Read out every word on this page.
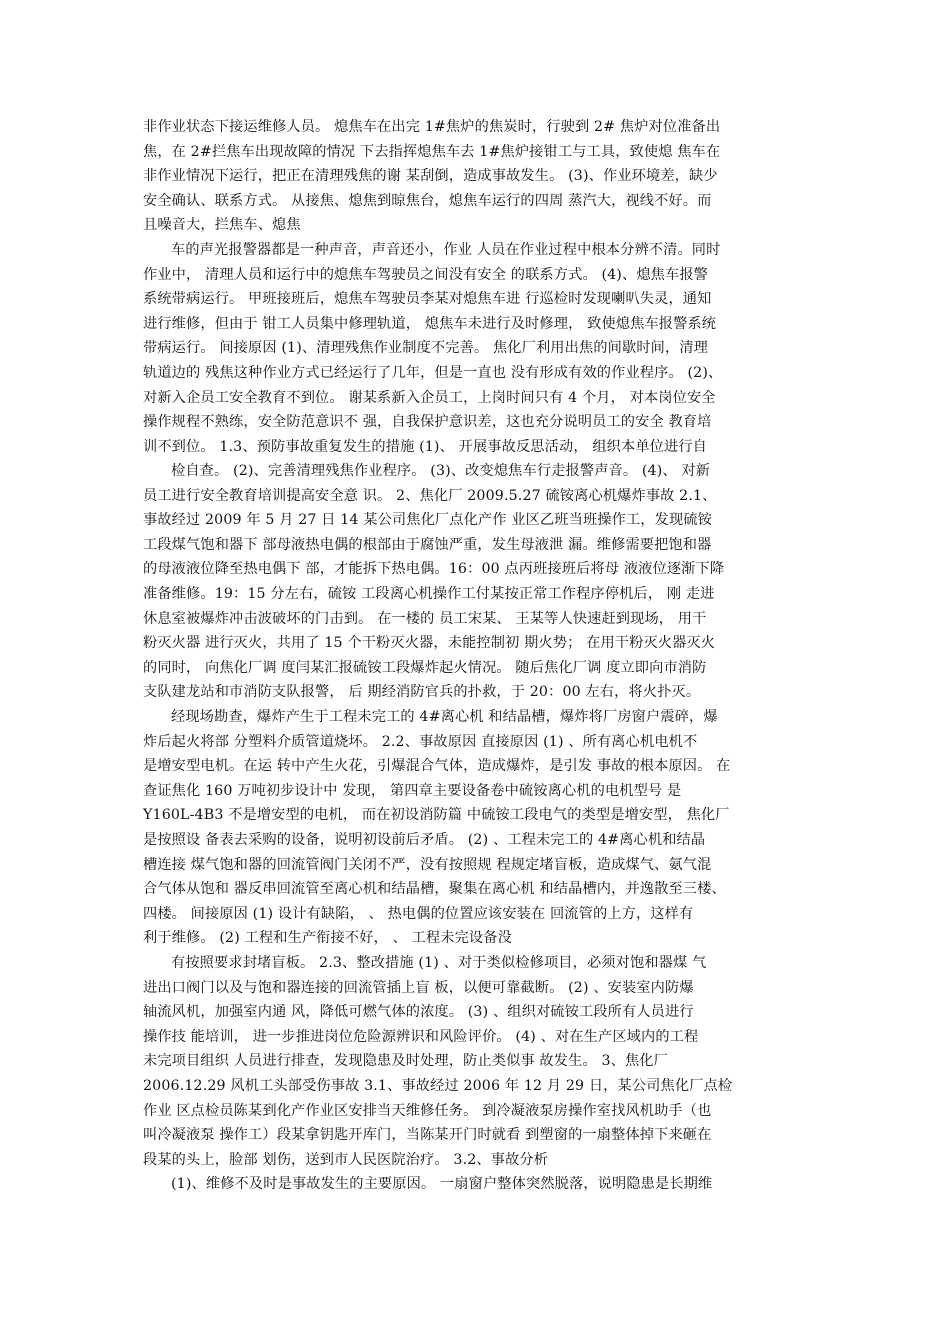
非作业状态下接运维修人员。 熄焦车在出完 1#焦炉的焦炭时，行驶到 2# 焦炉对位准备出
焦，在 2#拦焦车出现故障的情况 下去指挥熄焦车去 1#焦炉接钳工与工具，致使熄 焦车在
非作业情况下运行，把正在清理残焦的谢 某刮倒，造成事故发生。 (3)、作业环境差，缺少
安全确认、联系方式。 从接焦、熄焦到晾焦台，熄焦车运行的四周 蒸汽大，视线不好。而
且噪音大，拦焦车、熄焦
车的声光报警器都是一种声音，声音还小，作业 人员在作业过程中根本分辨不清。同时
作业中， 清理人员和运行中的熄焦车驾驶员之间没有安全 的联系方式。 (4)、熄焦车报警
系统带病运行。 甲班接班后，熄焦车驾驶员李某对熄焦车进 行巡检时发现喇叭失灵，通知
进行维修，但由于 钳工人员集中修理轨道， 熄焦车未进行及时修理， 致使熄焦车报警系统
带病运行。 间接原因 (1)、清理残焦作业制度不完善。 焦化厂利用出焦的间歇时间，清理
轨道边的 残焦这种作业方式已经运行了几年，但是一直也 没有形成有效的作业程序。 (2)、
对新入企员工安全教育不到位。 谢某系新入企员工，上岗时间只有 4 个月， 对本岗位安全
操作规程不熟练，安全防范意识不 强，自我保护意识差，这也充分说明员工的安全 教育培
训不到位。 1.3、预防事故重复发生的措施 (1)、 开展事故反思活动， 组织本单位进行自
检自查。 (2)、完善清理残焦作业程序。 (3)、改变熄焦车行走报警声音。 (4)、 对新
员工进行安全教育培训提高安全意 识。 2、焦化厂 2009.5.27 硫铵离心机爆炸事故 2.1、
事故经过 2009 年 5 月 27 日 14 某公司焦化厂点化产作 业区乙班当班操作工，发现硫铵
工段煤气饱和器下 部母液热电偶的根部由于腐蚀严重，发生母液泄 漏。维修需要把饱和器
的母液液位降至热电偶下 部，才能拆下热电偶。16：00 点丙班接班后将母 液液位逐渐下降
准备维修。19：15 分左右，硫铵 工段离心机操作工付某按正常工作程序停机后， 刚 走进
休息室被爆炸冲击波破坏的门击到。 在一楼的 员工宋某、 王某等人快速赶到现场， 用干
粉灭火器 进行灭火，共用了 15 个干粉灭火器，未能控制初 期火势； 在用干粉灭火器灭火
的同时， 向焦化厂调 度闫某汇报硫铵工段爆炸起火情况。 随后焦化厂调 度立即向市消防
支队建龙站和市消防支队报警， 后 期经消防官兵的扑救，于 20：00 左右，将火扑灭。
经现场勘查，爆炸产生于工程未完工的 4#离心机 和结晶槽，爆炸将厂房窗户震碎，爆
炸后起火将部 分塑料介质管道烧坏。 2.2、事故原因 直接原因 (1) 、所有离心机电机不
是增安型电机。在运 转中产生火花，引爆混合气体，造成爆炸，是引发 事故的根本原因。 在
查证焦化 160 万吨初步设计中 发现， 第四章主要设备卷中硫铵离心机的电机型号 是
Y160L-4B3 不是增安型的电机， 而在初设消防篇 中硫铵工段电气的类型是增安型， 焦化厂
是按照设 备表去采购的设备，说明初设前后矛盾。 (2) 、工程未完工的 4#离心机和结晶
槽连接 煤气饱和器的回流管阀门关闭不严，没有按照规 程规定堵盲板，造成煤气、氨气混
合气体从饱和 器反串回流管至离心机和结晶槽，聚集在离心机 和结晶槽内，并逸散至三楼、
四楼。 间接原因 (1) 设计有缺陷， 、 热电偶的位置应该安装在 回流管的上方，这样有
利于维修。 (2) 工程和生产衔接不好， 、 工程未完设备没
有按照要求封堵盲板。 2.3、整改措施 (1) 、对于类似检修项目，必须对饱和器煤 气
进出口阀门以及与饱和器连接的回流管插上盲 板，以便可靠截断。 (2) 、安装室内防爆
轴流风机，加强室内通 风，降低可燃气体的浓度。 (3) 、组织对硫铵工段所有人员进行
操作技 能培训， 进一步推进岗位危险源辨识和风险评价。 (4) 、对在生产区域内的工程
未完项目组织 人员进行排查，发现隐患及时处理，防止类似事 故发生。 3、焦化厂
2006.12.29 风机工头部受伤事故 3.1、事故经过 2006 年 12 月 29 日，某公司焦化厂点检
作业 区点检员陈某到化产作业区安排当天维修任务。 到冷凝液泵房操作室找风机助手（也
叫冷凝液泵 操作工）段某拿钥匙开库门，当陈某开门时就看 到塑窗的一扇整体掉下来砸在
段某的头上，脸部 划伤，送到市人民医院治疗。 3.2、事故分析
(1)、维修不及时是事故发生的主要原因。 一扇窗户整体突然脱落，说明隐患是长期维
